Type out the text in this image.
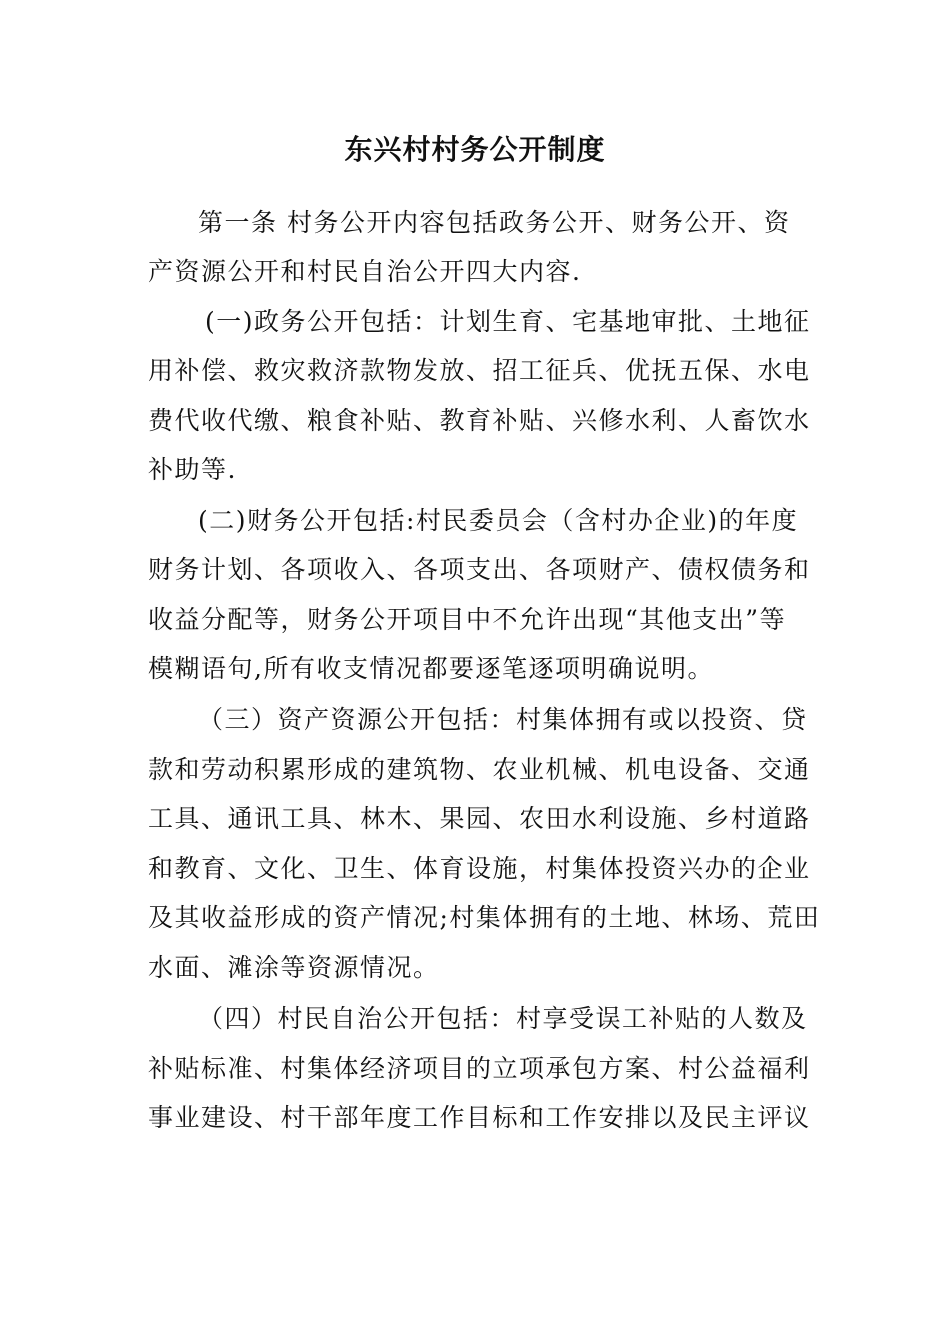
东兴村村务公开制度
第一条 村务公开内容包括政务公开、财务公开、资
产资源公开和村民自治公开四大内容.
(一)政务公开包括：计划生育、宅基地审批、土地征
用补偿、救灾救济款物发放、招工征兵、优抚五保、水电
费代收代缴、粮食补贴、教育补贴、兴修水利、人畜饮水
补助等.
(二)财务公开包括:村民委员会（含村办企业)的年度
财务计划、各项收入、各项支出、各项财产、债权债务和
收益分配等，财务公开项目中不允许出现“其他支出”等
模糊语句,所有收支情况都要逐笔逐项明确说明。
（三）资产资源公开包括：村集体拥有或以投资、贷
款和劳动积累形成的建筑物、农业机械、机电设备、交通
工具、通讯工具、林木、果园、农田水利设施、乡村道路
和教育、文化、卫生、体育设施，村集体投资兴办的企业
及其收益形成的资产情况;村集体拥有的土地、林场、荒田
水面、滩涂等资源情况。
（四）村民自治公开包括：村享受误工补贴的人数及
补贴标准、村集体经济项目的立项承包方案、村公益福利
事业建设、村干部年度工作目标和工作安排以及民主评议
